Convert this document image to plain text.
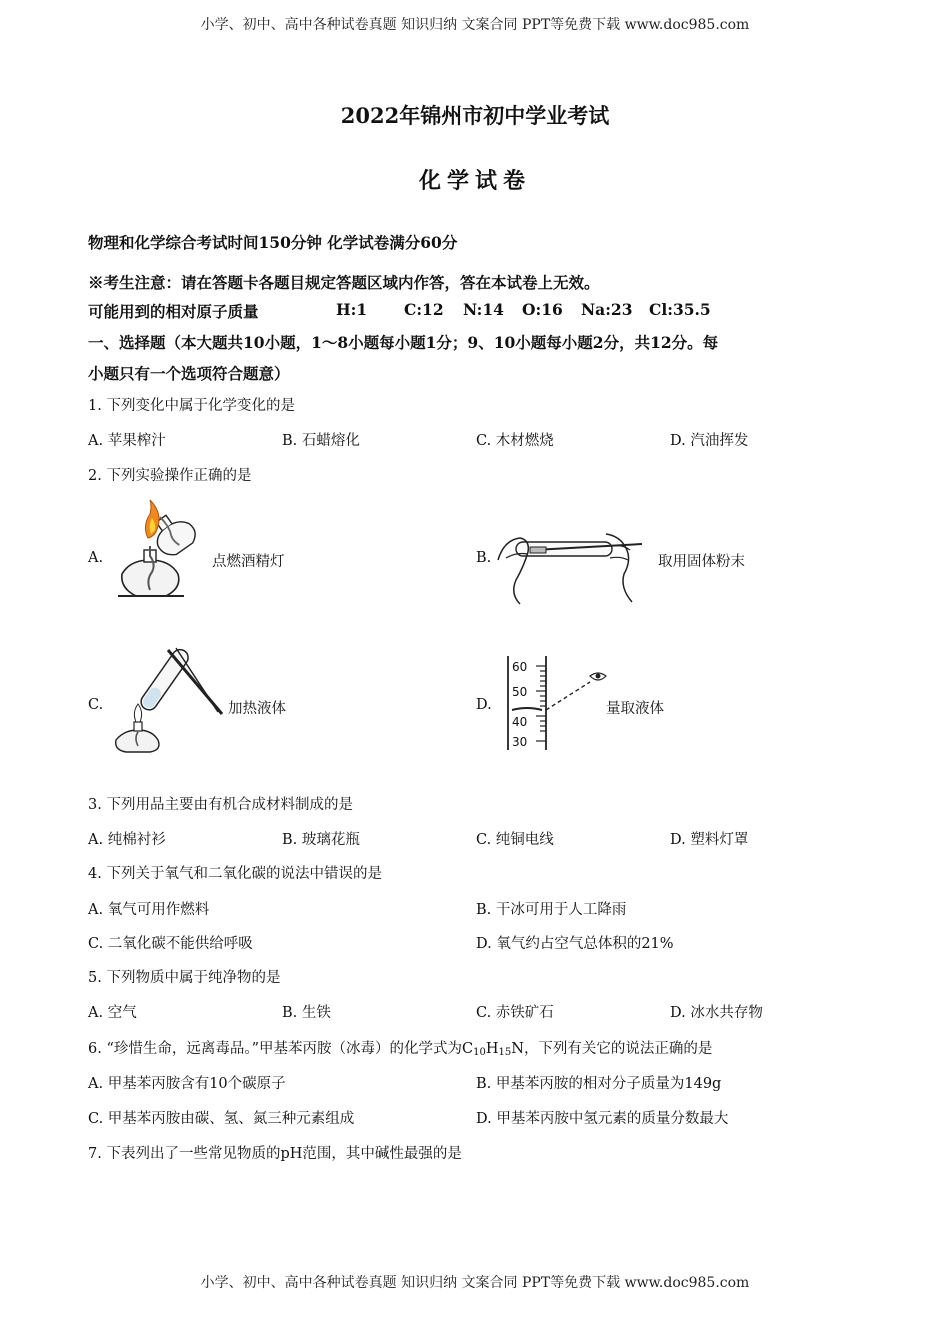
小学、初中、高中各种试卷真题 知识归纳 文案合同 PPT等免费下载 www.doc985.com
小学、初中、高中各种试卷真题 知识归纳 文案合同 PPT等免费下载 www.doc985.com
2022年锦州市初中学业考试
化学试卷
物理和化学综合考试时间150分钟 化学试卷满分60分
※考生注意：请在答题卡各题目规定答题区域内作答，答在本试卷上无效。
可能用到的相对原子质量	H:1 C:12 N:14 O:16 Na:23 Cl:35.5
一、选择题（本大题共10小题，1～8小题每小题1分；9、10小题每小题2分，共12分。每
小题只有一个选项符合题意）
1. 下列变化中属于化学变化的是
A. 苹果榨汁	B. 石蜡熔化	C. 木材燃烧	D. 汽油挥发
2. 下列实验操作正确的是
A.	点燃酒精灯	B.	取用固体粉末
C.	加热液体	D.
60
50
40
30
量取液体
3. 下列用品主要由有机合成材料制成的是
A. 纯棉衬衫	B. 玻璃花瓶	C. 纯铜电线	D. 塑料灯罩
4. 下列关于氧气和二氧化碳的说法中错误的是
A. 氧气可用作燃料	B. 干冰可用于人工降雨
C. 二氧化碳不能供给呼吸	D. 氧气约占空气总体积的21%
5. 下列物质中属于纯净物的是
A. 空气	B. 生铁	C. 赤铁矿石	D. 冰水共存物
6. “珍惜生命，远离毒品。”甲基苯丙胺（冰毒）的化学式为$C_{10}H_{15}N$，下列有关它的说法正确的是
A. 甲基苯丙胺含有10个碳原子	B. 甲基苯丙胺的相对分子质量为149g
C. 甲基苯丙胺由碳、氢、氮三种元素组成	D. 甲基苯丙胺中氢元素的质量分数最大
7. 下表列出了一些常见物质的pH范围，其中碱性最强的是
